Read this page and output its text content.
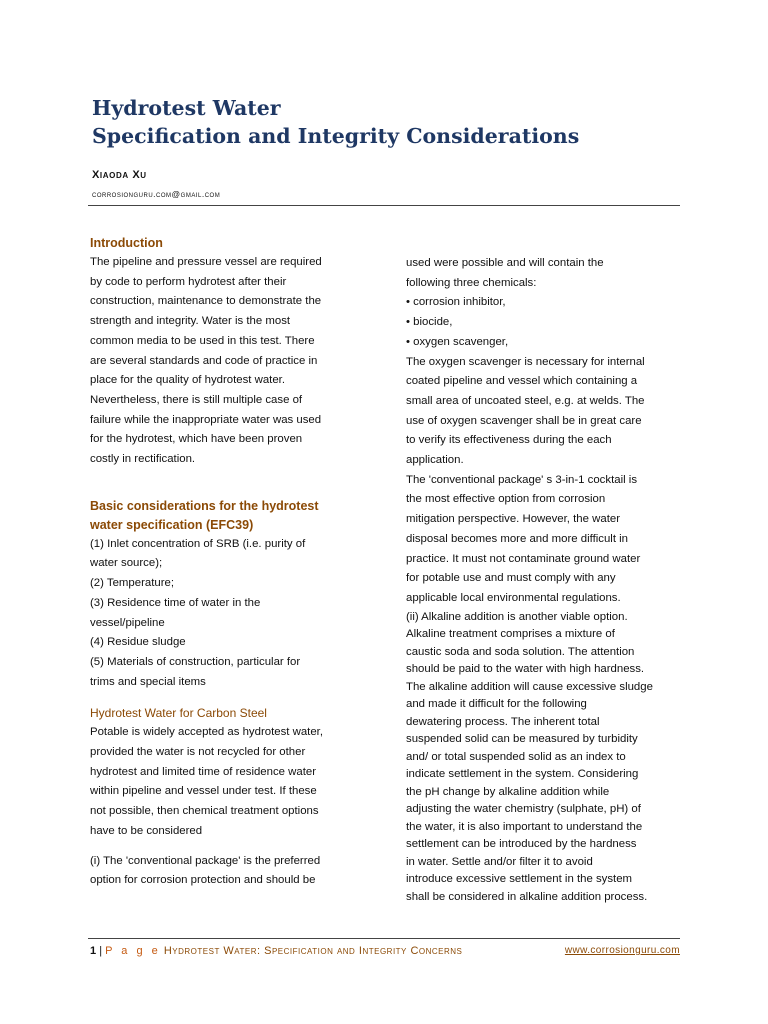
Hydrotest Water
Specification and Integrity Considerations
Xiaoda Xu
corrosionguru.com@gmail.com
Introduction
The pipeline and pressure vessel are required
by code to perform hydrotest after their
construction, maintenance to demonstrate the
strength and integrity. Water is the most
common media to be used in this test. There
are several standards and code of practice in
place for the quality of hydrotest water.
Nevertheless, there is still multiple case of
failure while the inappropriate water was used
for the hydrotest, which have been proven
costly in rectification.
Basic considerations for the hydrotest
water specification (EFC39)
(1) Inlet concentration of SRB (i.e. purity of
water source);
(2) Temperature;
(3) Residence time of water in the
vessel/pipeline
(4) Residue sludge
(5) Materials of construction, particular for
trims and special items
Hydrotest Water for Carbon Steel
Potable is widely accepted as hydrotest water,
provided the water is not recycled for other
hydrotest and limited time of residence water
within pipeline and vessel under test. If these
not possible, then chemical treatment options
have to be considered
(i) The 'conventional package' is the preferred
option for corrosion protection and should be
used were possible and will contain the
following three chemicals:
• corrosion inhibitor,
• biocide,
• oxygen scavenger,
The oxygen scavenger is necessary for internal
coated pipeline and vessel which containing a
small area of uncoated steel, e.g. at welds. The
use of oxygen scavenger shall be in great care
to verify its effectiveness during the each
application.
The 'conventional package' s 3-in-1 cocktail is
the most effective option from corrosion
mitigation perspective. However, the water
disposal becomes more and more difficult in
practice. It must not contaminate ground water
for potable use and must comply with any
applicable local environmental regulations.
(ii) Alkaline addition is another viable option.
Alkaline treatment comprises a mixture of
caustic soda and soda solution. The attention
should be paid to the water with high hardness.
The alkaline addition will cause excessive sludge
and made it difficult for the following
dewatering process. The inherent total
suspended solid can be measured by turbidity
and/ or total suspended solid as an index to
indicate settlement in the system. Considering
the pH change by alkaline addition while
adjusting the water chemistry (sulphate, pH) of
the water, it is also important to understand the
settlement can be introduced by the hardness
in water. Settle and/or filter it to avoid
introduce excessive settlement in the system
shall be considered in alkaline addition process.
1 | P a g e Hydrotest Water: Specification and Integrity Concerns	www.corrosionguru.com
